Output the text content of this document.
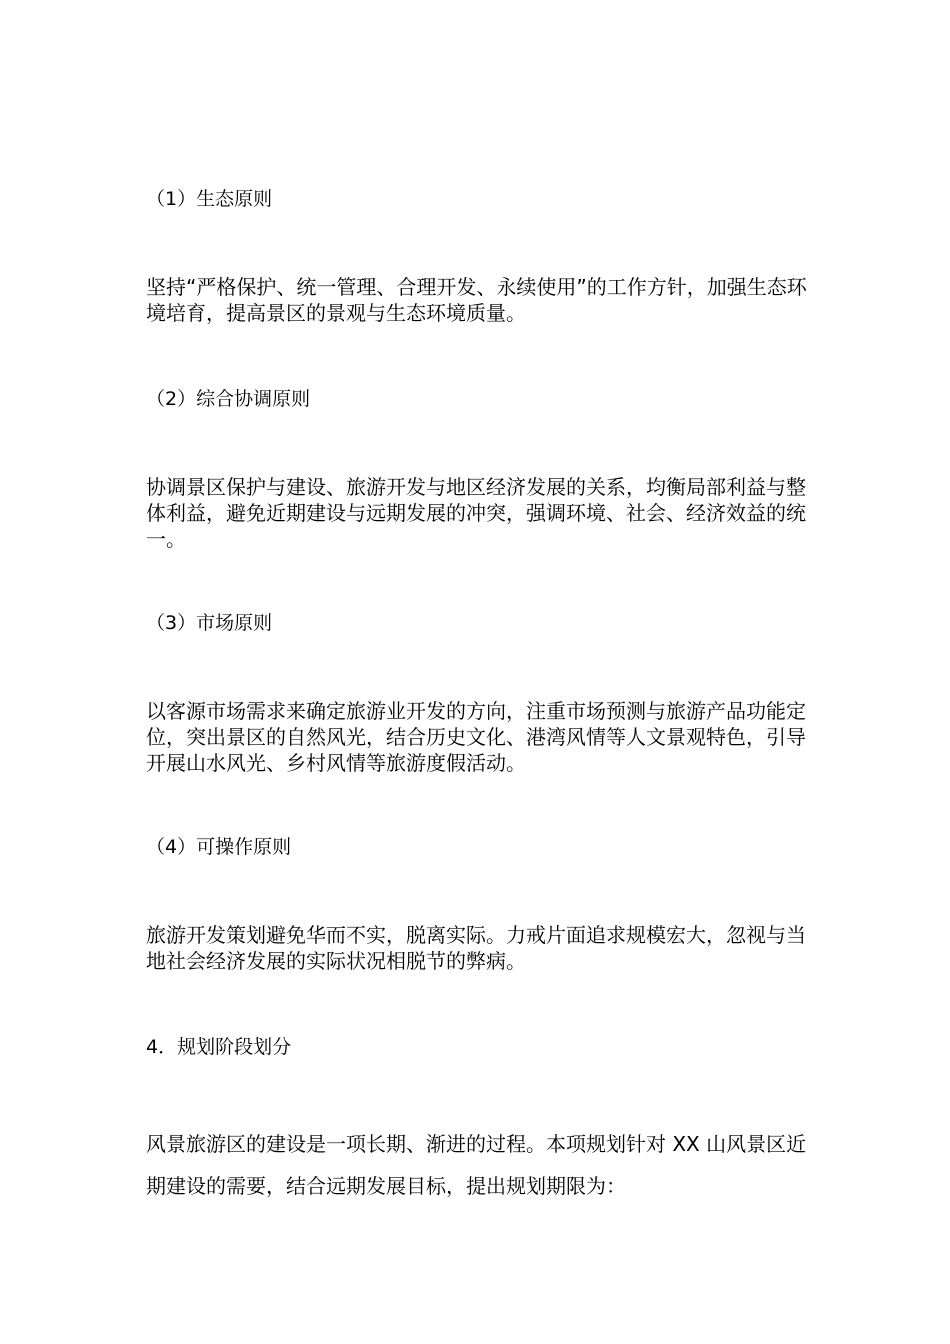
（1）生态原则

坚持“严格保护、统一管理、合理开发、永续使用”的工作方针，加强生态环境培育，提高景区的景观与生态环境质量。

（2）综合协调原则

协调景区保护与建设、旅游开发与地区经济发展的关系，均衡局部利益与整体利益，避免近期建设与远期发展的冲突，强调环境、社会、经济效益的统一。

（3）市场原则

以客源市场需求来确定旅游业开发的方向，注重市场预测与旅游产品功能定位，突出景区的自然风光，结合历史文化、港湾风情等人文景观特色，引导开展山水风光、乡村风情等旅游度假活动。

（4）可操作原则

旅游开发策划避免华而不实，脱离实际。力戒片面追求规模宏大，忽视与当地社会经济发展的实际状况相脱节的弊病。

4．规划阶段划分

风景旅游区的建设是一项长期、渐进的过程。本项规划针对 XX 山风景区近期建设的需要，结合远期发展目标，提出规划期限为：
